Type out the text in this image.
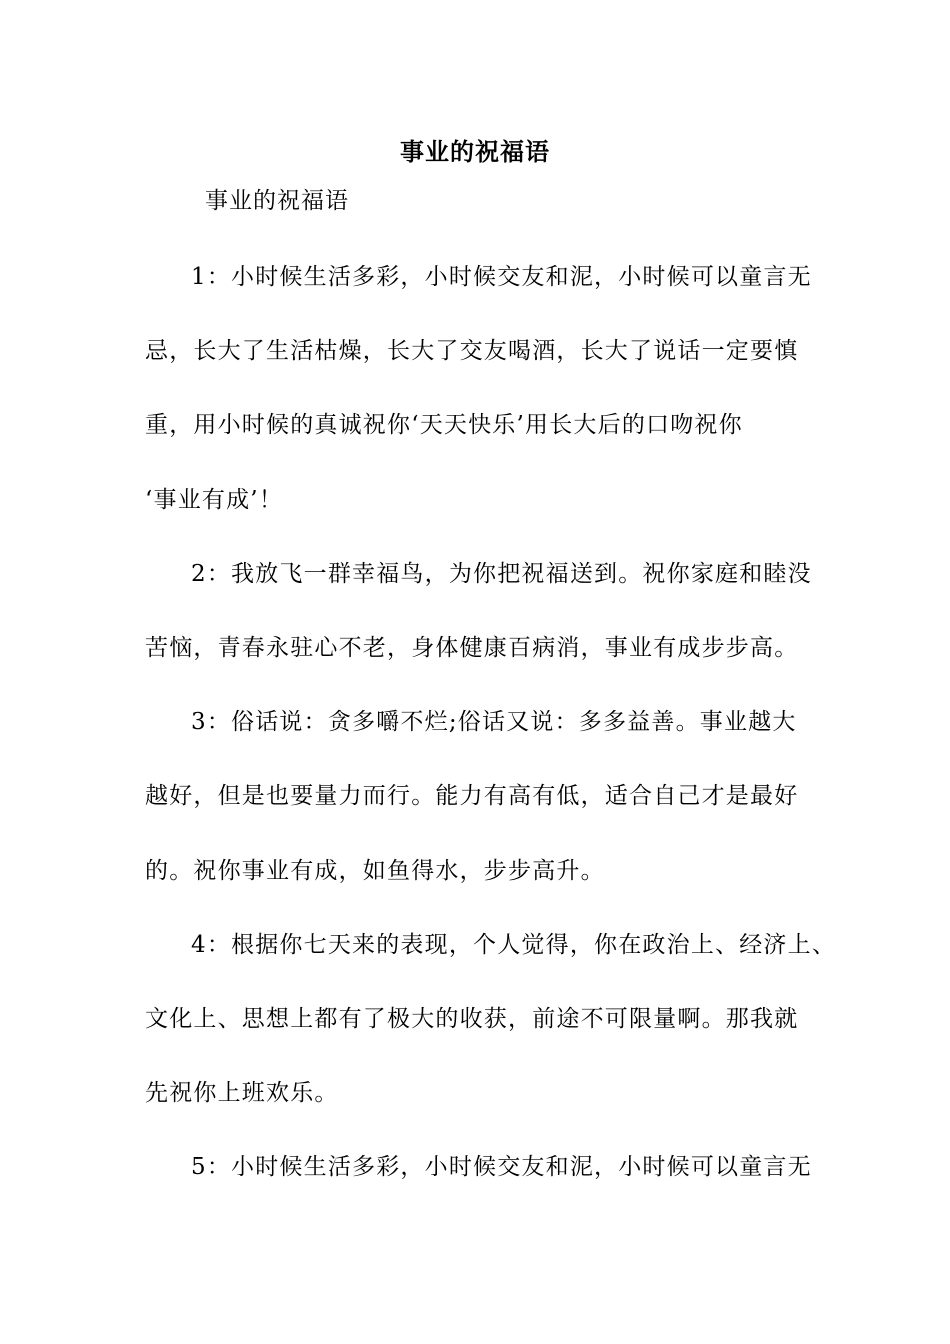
事业的祝福语
事业的祝福语
1：小时候生活多彩，小时候交友和泥，小时候可以童言无
忌，长大了生活枯燥，长大了交友喝酒，长大了说话一定要慎
重，用小时候的真诚祝你‘天天快乐’用长大后的口吻祝你
‘事业有成’！
2：我放飞一群幸福鸟，为你把祝福送到。祝你家庭和睦没
苦恼，青春永驻心不老，身体健康百病消，事业有成步步高。
3：俗话说：贪多嚼不烂;俗话又说：多多益善。事业越大
越好，但是也要量力而行。能力有高有低，适合自己才是最好
的。祝你事业有成，如鱼得水，步步高升。
4：根据你七天来的表现，个人觉得，你在政治上、经济上、
文化上、思想上都有了极大的收获，前途不可限量啊。那我就
先祝你上班欢乐。
5：小时候生活多彩，小时候交友和泥，小时候可以童言无
